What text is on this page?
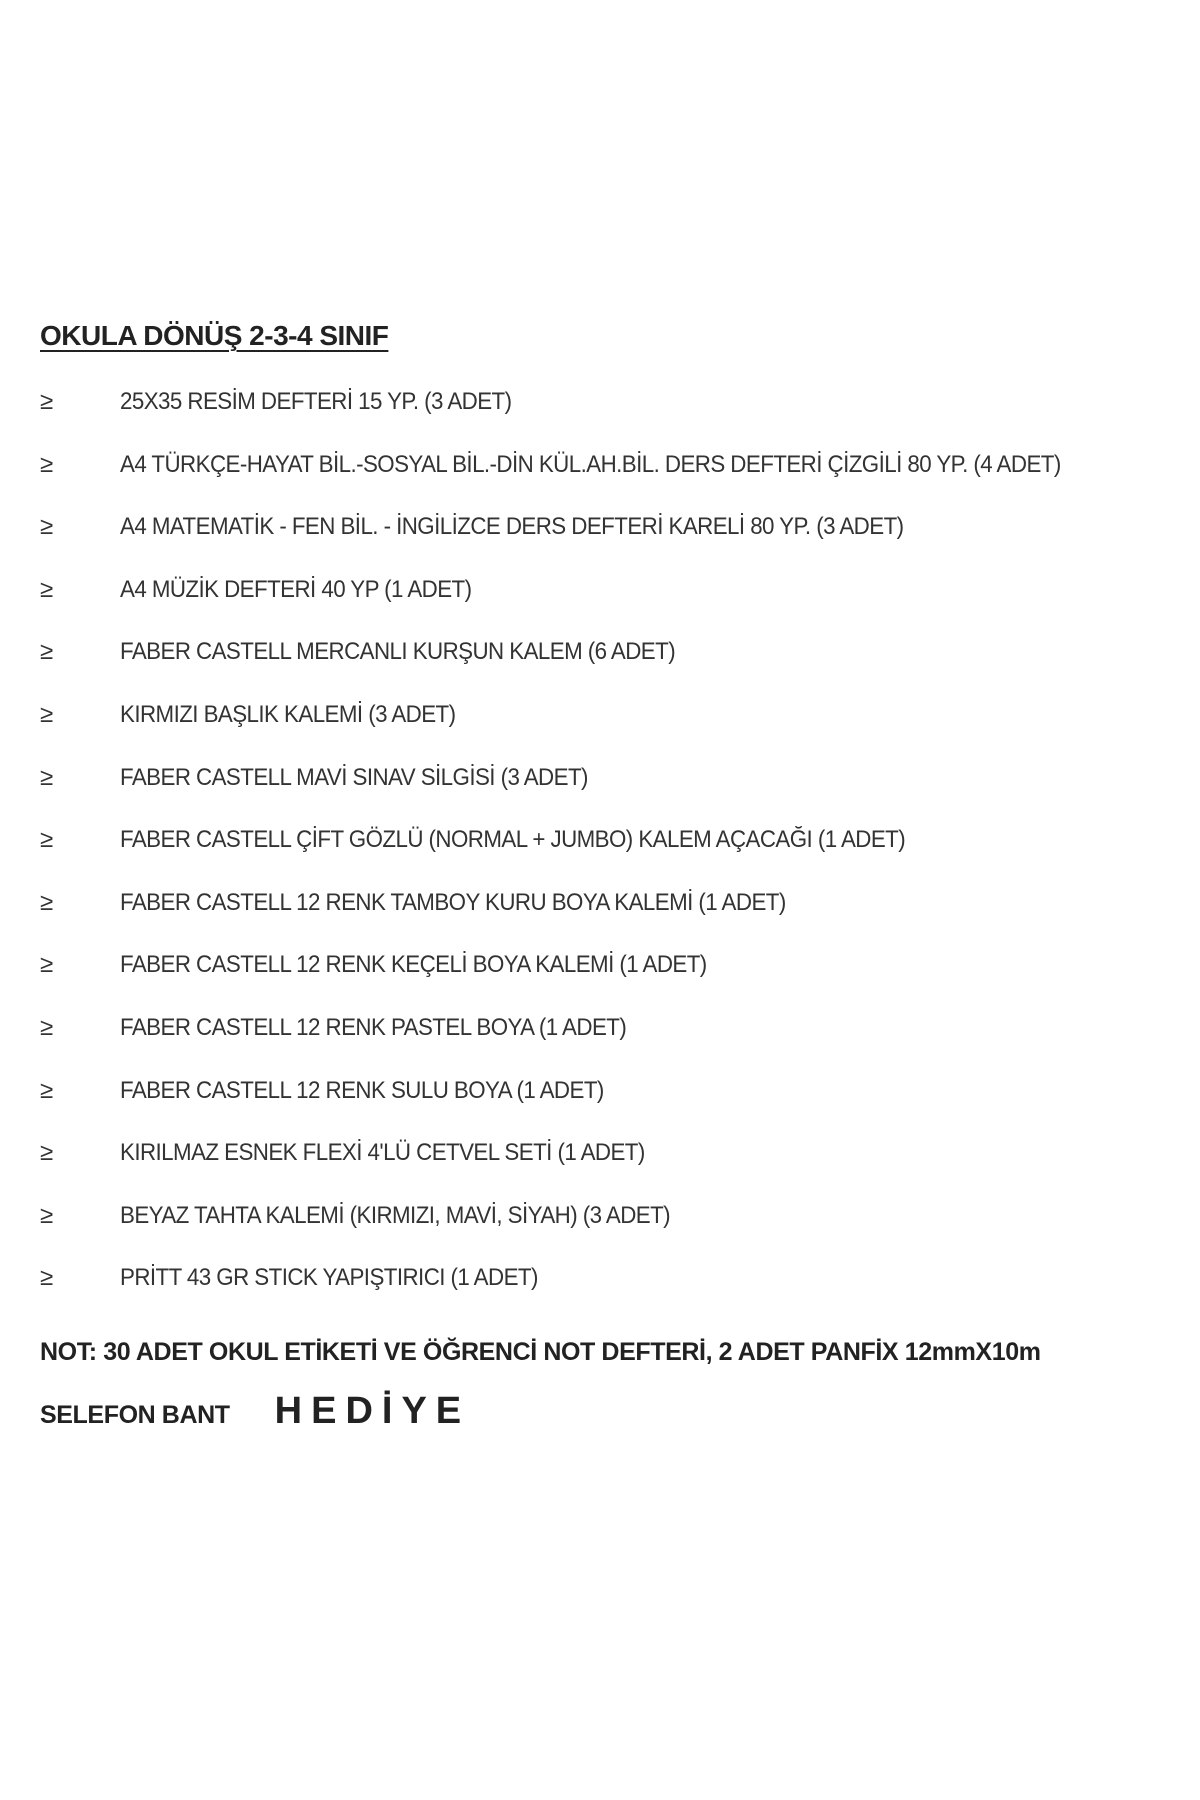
OKULA DÖNÜŞ 2-3-4 SINIF
≥	25X35 RESİM DEFTERİ 15 YP. (3 ADET)
≥	A4 TÜRKÇE-HAYAT BİL.-SOSYAL BİL.-DİN KÜL.AH.BİL. DERS DEFTERİ ÇİZGİLİ 80 YP. (4 ADET)
≥	A4 MATEMATİK - FEN BİL. - İNGİLİZCE DERS DEFTERİ KARELİ 80 YP. (3 ADET)
≥	A4 MÜZİK DEFTERİ 40 YP (1 ADET)
≥	FABER CASTELL MERCANLI KURŞUN KALEM (6 ADET)
≥	KIRMIZI BAŞLIK KALEMİ (3 ADET)
≥	FABER CASTELL MAVİ SINAV SİLGİSİ (3 ADET)
≥	FABER CASTELL ÇİFT GÖZLÜ (NORMAL + JUMBO) KALEM AÇACAĞI (1 ADET)
≥	FABER CASTELL 12 RENK TAMBOY KURU BOYA KALEMİ (1 ADET)
≥	FABER CASTELL 12 RENK KEÇELİ BOYA KALEMİ (1 ADET)
≥	FABER CASTELL 12 RENK PASTEL BOYA (1 ADET)
≥	FABER CASTELL 12 RENK SULU BOYA (1 ADET)
≥	KIRILMAZ ESNEK FLEXİ 4'LÜ CETVEL SETİ (1 ADET)
≥	BEYAZ TAHTA KALEMİ (KIRMIZI, MAVİ, SİYAH) (3 ADET)
≥	PRİTT 43 GR STICK YAPIŞTIRICI (1 ADET)
NOT: 30 ADET OKUL ETİKETİ VE ÖĞRENCİ NOT DEFTERİ, 2 ADET PANFİX 12mmX10m
SELEFON BANT HEDİYE
